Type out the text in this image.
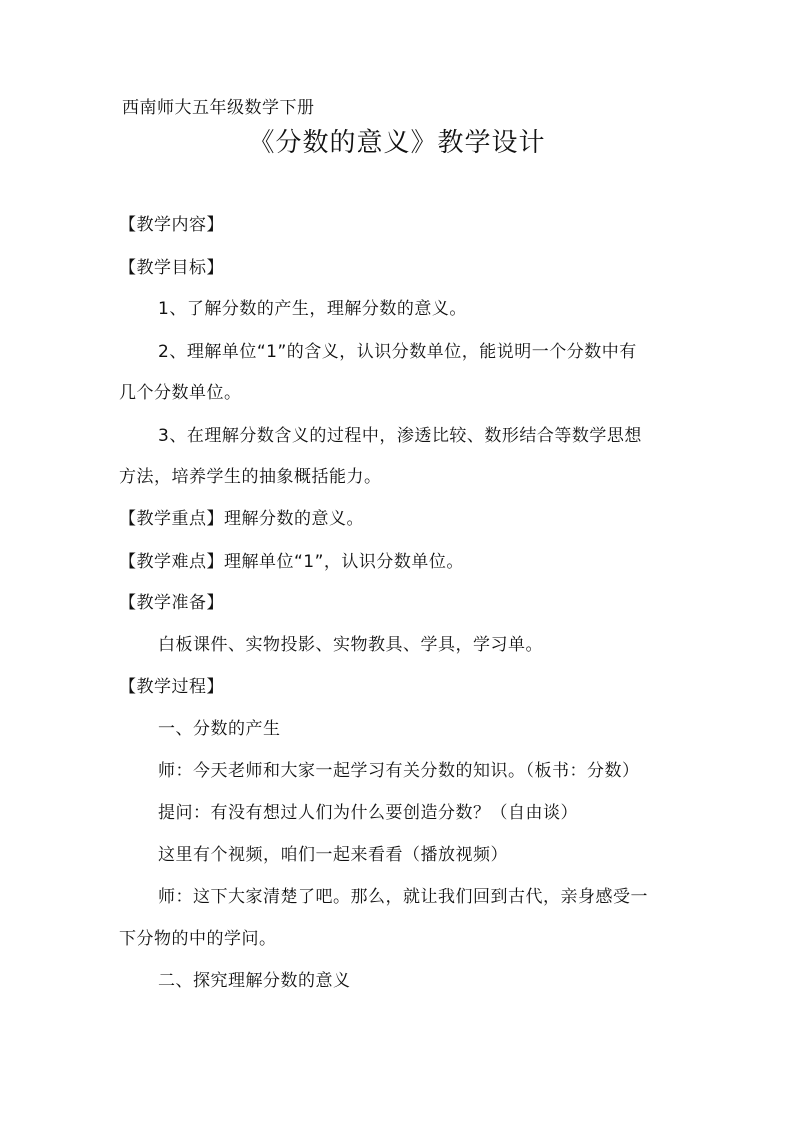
西南师大五年级数学下册
《分数的意义》教学设计
【教学内容】
【教学目标】
1、了解分数的产生，理解分数的意义。
2、理解单位“1”的含义，认识分数单位，能说明一个分数中有
几个分数单位。
3、在理解分数含义的过程中，渗透比较、数形结合等数学思想
方法，培养学生的抽象概括能力。
【教学重点】理解分数的意义。
【教学难点】理解单位“1”，认识分数单位。
【教学准备】
白板课件、实物投影、实物教具、学具，学习单。
【教学过程】
一、分数的产生
师：今天老师和大家一起学习有关分数的知识。（板书：分数）
提问：有没有想过人们为什么要创造分数？（自由谈）
这里有个视频，咱们一起来看看（播放视频）
师：这下大家清楚了吧。那么，就让我们回到古代，亲身感受一
下分物的中的学问。
二、探究理解分数的意义
